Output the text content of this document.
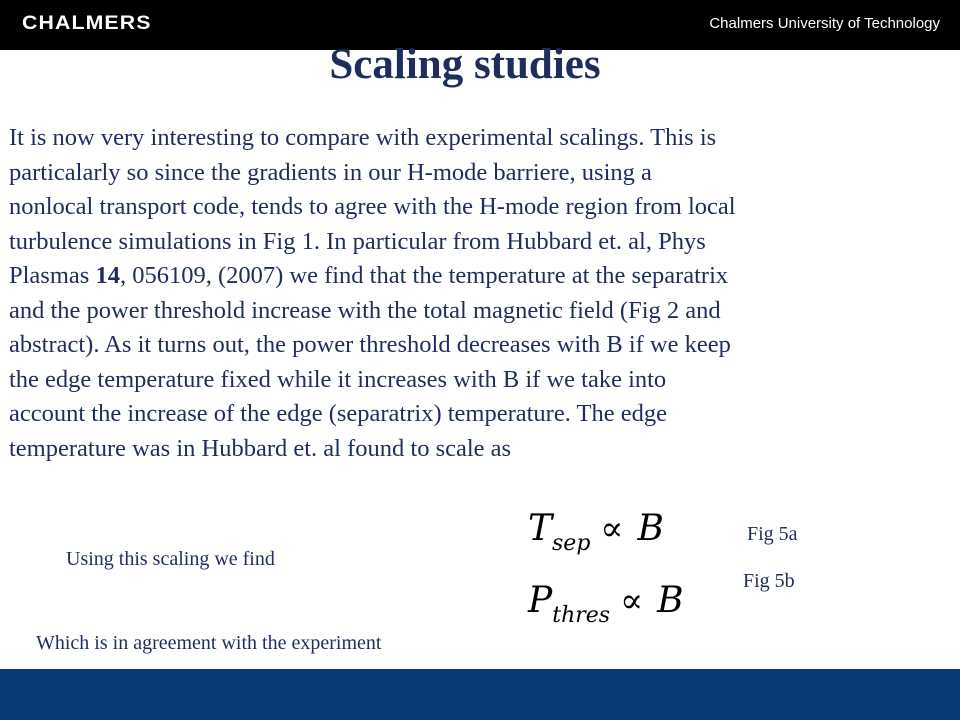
CHALMERS	Chalmers University of Technology
Scaling studies

It is now very interesting to compare with experimental scalings. This is
particalarly so since the gradients in our H-mode barriere, using a
nonlocal transport code, tends to agree with the H-mode region from local
turbulence simulations in Fig 1. In particular from Hubbard et. al, Phys
Plasmas 14, 056109, (2007) we find that the temperature at the separatrix
and the power threshold increase with the total magnetic field (Fig 2 and
abstract). As it turns out, the power threshold decreases with B if we keep
the edge temperature fixed while it increases with B if we take into
account the increase of the edge (separatrix) temperature. The edge
temperature was in Hubbard et. al found to scale as

$T_{sep} \propto B$	Fig 5a
Using this scaling we find
Fig 5b
$P_{thres} \propto B$
Which is in agreement with the experiment
